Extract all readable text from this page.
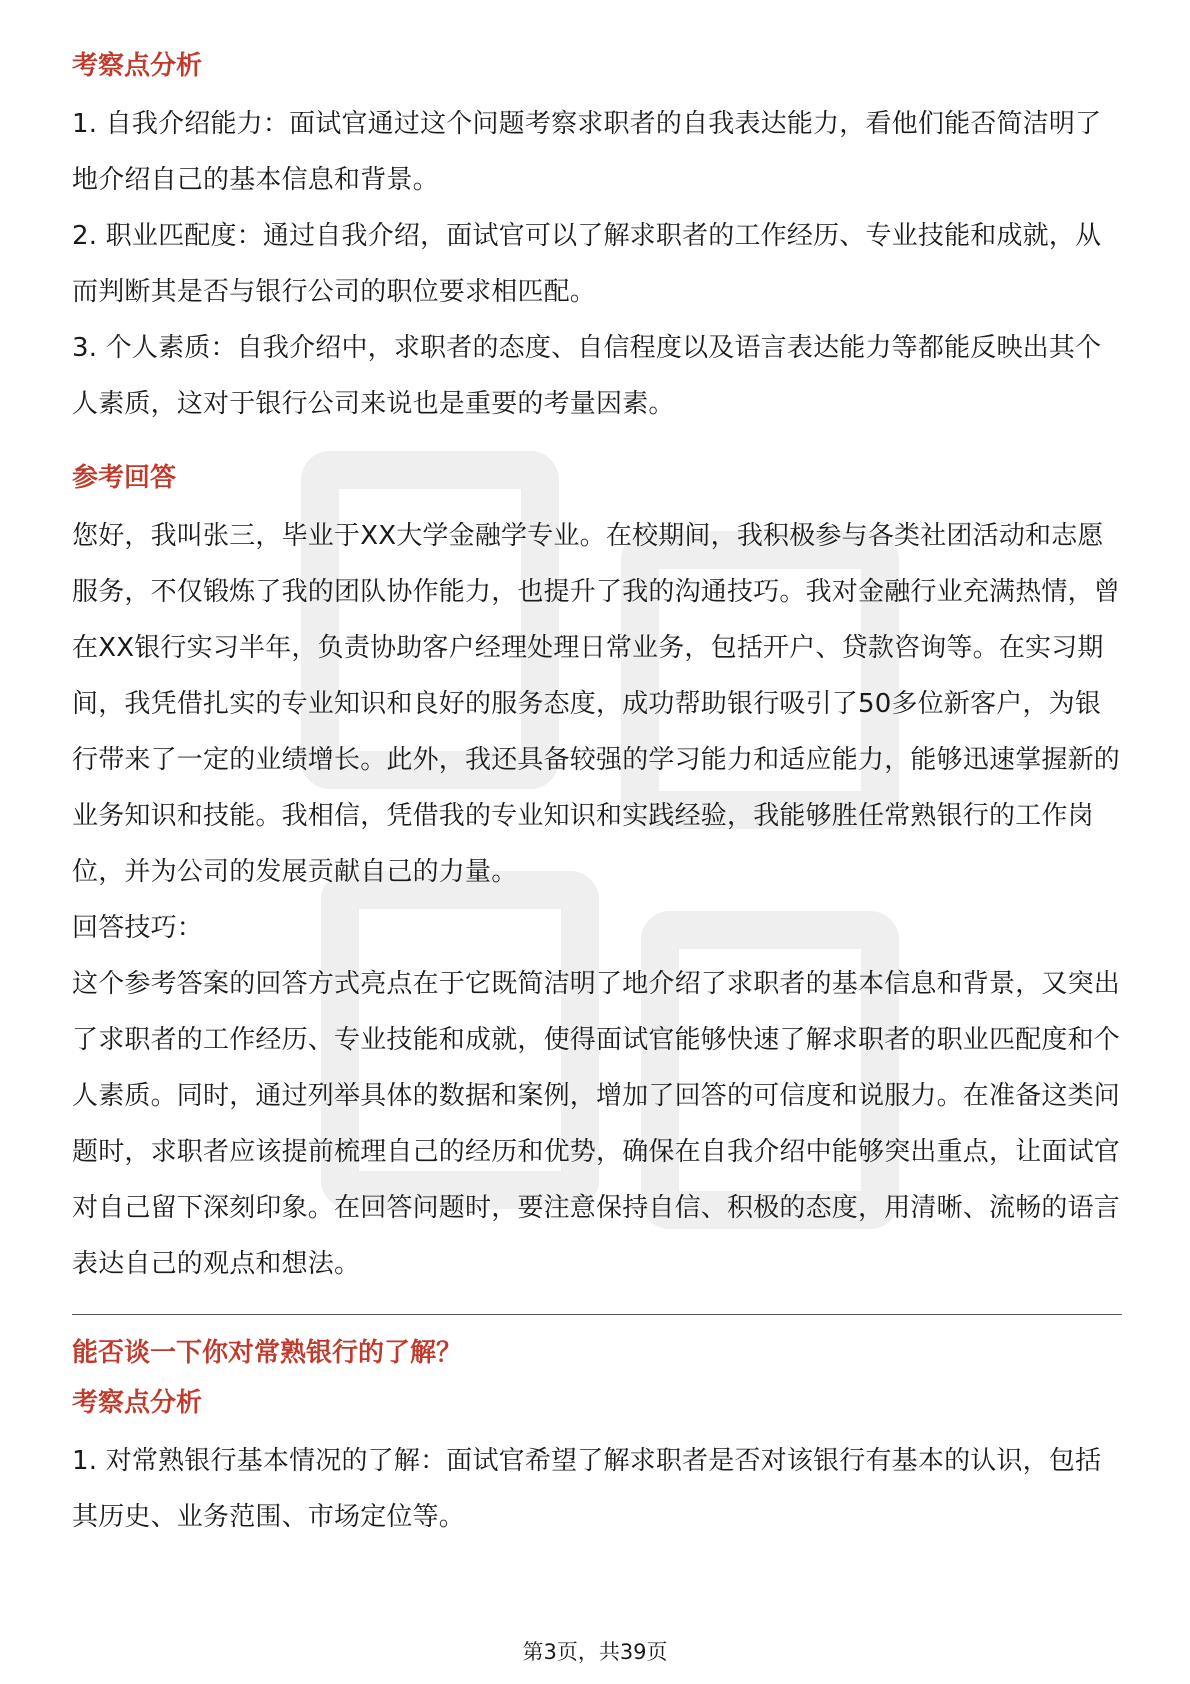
考察点分析

1. 自我介绍能力：面试官通过这个问题考察求职者的自我表达能力，看他们能否简洁明了地介绍自己的基本信息和背景。

2. 职业匹配度：通过自我介绍，面试官可以了解求职者的工作经历、专业技能和成就，从而判断其是否与银行公司的职位要求相匹配。

3. 个人素质：自我介绍中，求职者的态度、自信程度以及语言表达能力等都能反映出其个人素质，这对于银行公司来说也是重要的考量因素。

参考回答

您好，我叫张三，毕业于XX大学金融学专业。在校期间，我积极参与各类社团活动和志愿服务，不仅锻炼了我的团队协作能力，也提升了我的沟通技巧。我对金融行业充满热情，曾在XX银行实习半年，负责协助客户经理处理日常业务，包括开户、贷款咨询等。在实习期间，我凭借扎实的专业知识和良好的服务态度，成功帮助银行吸引了50多位新客户，为银行带来了一定的业绩增长。此外，我还具备较强的学习能力和适应能力，能够迅速掌握新的业务知识和技能。我相信，凭借我的专业知识和实践经验，我能够胜任常熟银行的工作岗位，并为公司的发展贡献自己的力量。

回答技巧：

这个参考答案的回答方式亮点在于它既简洁明了地介绍了求职者的基本信息和背景，又突出了求职者的工作经历、专业技能和成就，使得面试官能够快速了解求职者的职业匹配度和个人素质。同时，通过列举具体的数据和案例，增加了回答的可信度和说服力。在准备这类问题时，求职者应该提前梳理自己的经历和优势，确保在自我介绍中能够突出重点，让面试官对自己留下深刻印象。在回答问题时，要注意保持自信、积极的态度，用清晰、流畅的语言表达自己的观点和想法。

能否谈一下你对常熟银行的了解？
考察点分析

1. 对常熟银行基本情况的了解：面试官希望了解求职者是否对该银行有基本的认识，包括其历史、业务范围、市场定位等。

第3页，共39页
